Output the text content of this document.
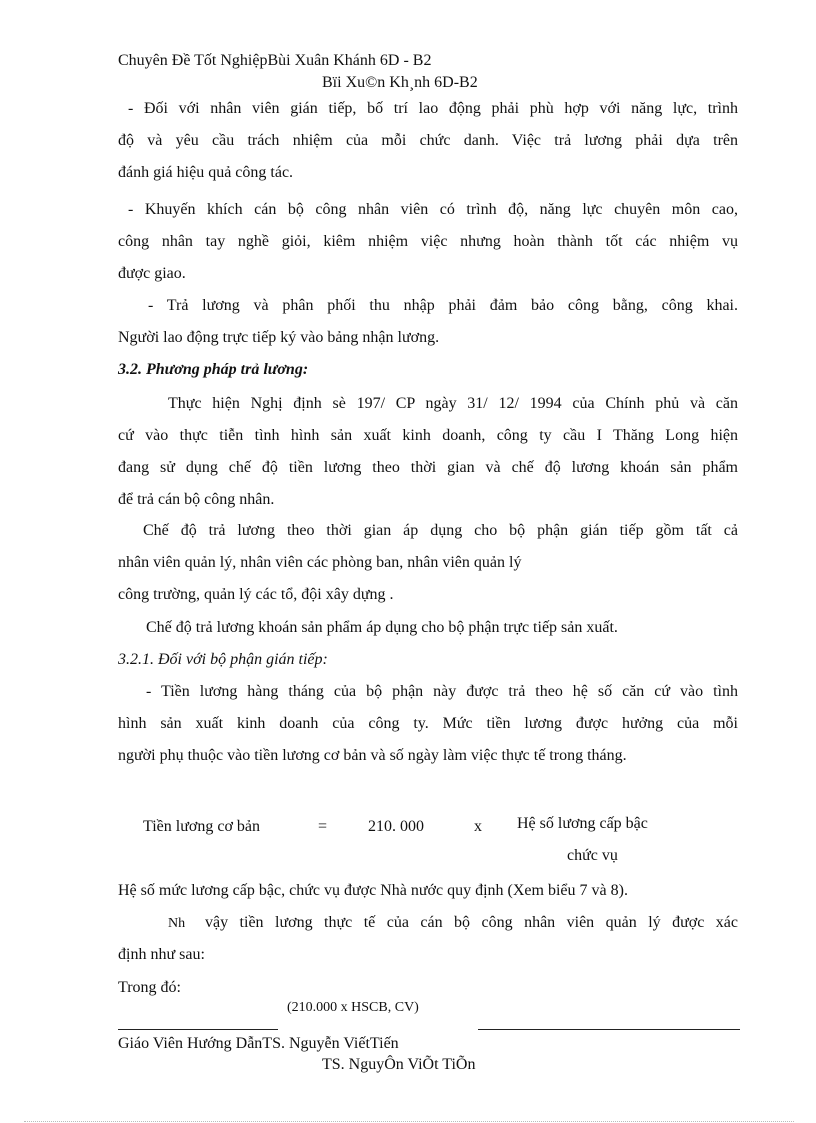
Chuyên Đề Tốt NghiệpBùi Xuân Khánh 6D - B2
Bïi Xu©n Kh¸nh 6D-B2
- Đối với nhân viên gián tiếp, bố trí lao động phải phù hợp với năng lực, trình
độ và yêu cầu trách nhiệm của mỗi chức danh. Việc trả lương phải dựa trên
đánh giá hiệu quả công tác.
- Khuyến khích cán bộ công nhân viên có trình độ, năng lực chuyên môn cao,
công nhân tay nghề giỏi, kiêm nhiệm việc nhưng hoàn thành tốt các nhiệm vụ
được giao.
- Trả lương và phân phối thu nhập phải đảm bảo công bằng, công khai.
Người lao động trực tiếp ký vào bảng nhận lương.
3.2. Phương pháp trả lương:
Thực hiện Nghị định sè 197/ CP ngày 31/ 12/ 1994 của Chính phủ và căn
cứ vào thực tiễn tình hình sản xuất kinh doanh, công ty cầu I Thăng Long hiện
đang sử dụng chế độ tiền lương theo thời gian và chế độ lương khoán sản phẩm
để trả cán bộ công nhân.
Chế độ trả lương theo thời gian áp dụng cho bộ phận gián tiếp gồm tất cả
nhân viên quản lý, nhân viên các phòng ban, nhân viên quản lý
công trường, quản lý các tổ, đội xây dựng .
Chế độ trả lương khoán sản phẩm áp dụng cho bộ phận trực tiếp sản xuất.
3.2.1. Đối với bộ phận gián tiếp:
- Tiền lương hàng tháng của bộ phận này được trả theo hệ số căn cứ vào tình
hình sản xuất kinh doanh của công ty. Mức tiền lương được hưởng của mỗi
người phụ thuộc vào tiền lương cơ bản và số ngày làm việc thực tế trong tháng.
Tiền lương cơ bản	=	210. 000	x Hệ số lương cấp bậc
chức vụ
Hệ số mức lương cấp bậc, chức vụ được Nhà nước quy định (Xem biểu 7 và 8).
Nh vậy tiền lương thực tế của cán bộ công nhân viên quản lý được xác
định như sau:
Trong đó:
(210.000 x HSCB, CV)
Giáo Viên Hướng DẫnTS. Nguyễn ViếtTiến
TS. NguyÔn ViÕt TiÕn
